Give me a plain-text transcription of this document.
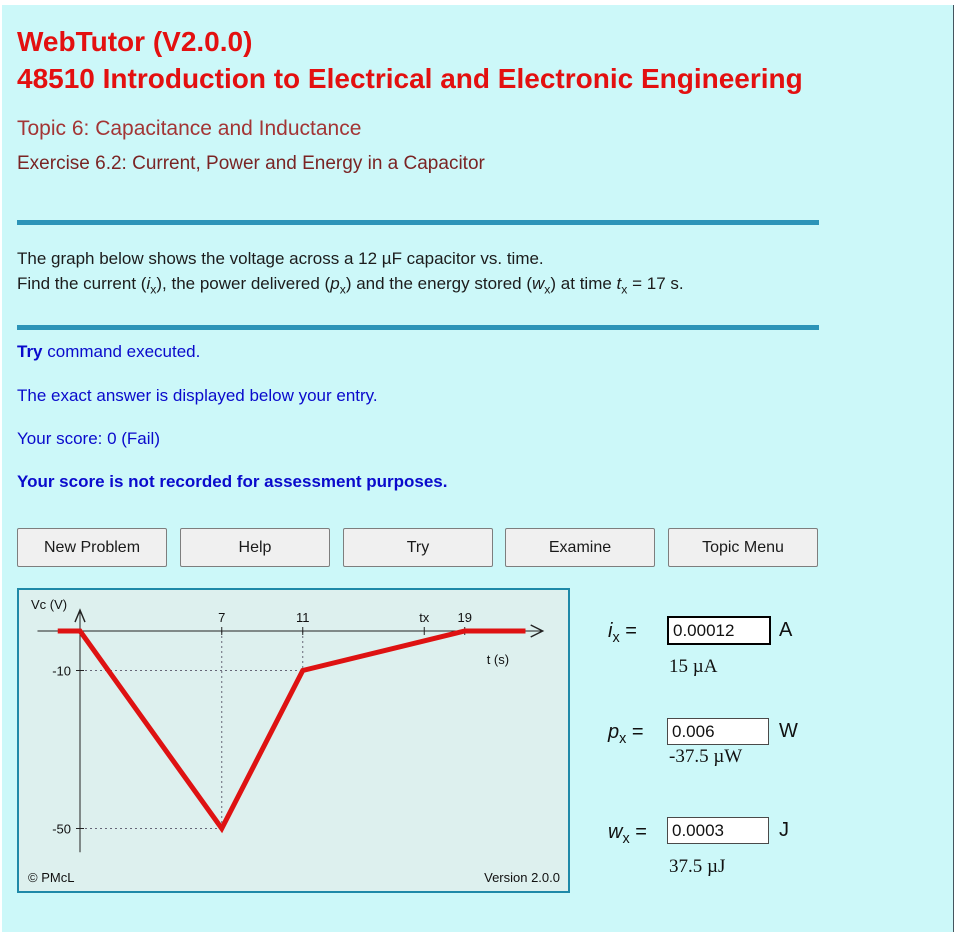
WebTutor (V2.0.0)
48510 Introduction to Electrical and Electronic Engineering
Topic 6: Capacitance and Inductance
Exercise 6.2: Current, Power and Energy in a Capacitor
The graph below shows the voltage across a 12 µF capacitor vs. time.
Find the current $(i_x)$, the power delivered $(p_x)$ and the energy stored $(w_x)$ at time $t_x = 17$ s.
Try command executed.
The exact answer is displayed below your entry.
Your score: 0 (Fail)
Your score is not recorded for assessment purposes.
New Problem	Help	Try	Examine	Topic Menu
7	11	tx 19
-10
-50
Vc (V)
t (s)
© PMcL	Version 2.0.0
$i_x$ =
0.00012	A
15 µA
$p_x$ =
0.006	W
-37.5 µW
$w_x$ =
0.0003	J
37.5 µJ
